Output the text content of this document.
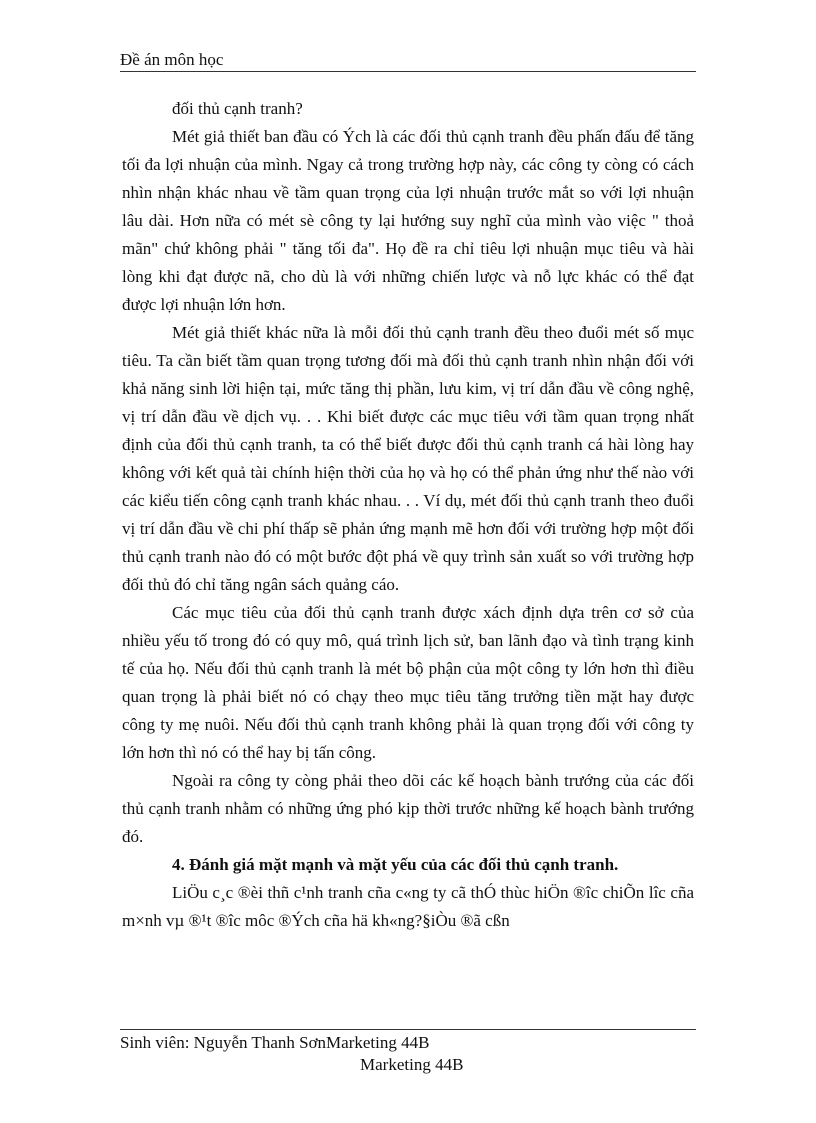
Đề án môn học

đối thủ cạnh tranh?

Mét giả thiết ban đầu có Ých là các đối thủ cạnh tranh đều phấn đấu để tăng tối đa lợi nhuận của mình. Ngay cả trong trường hợp này, các công ty còng có cách nhìn nhận khác nhau về tầm quan trọng của lợi nhuận trước mắt so với lợi nhuận lâu dài. Hơn nữa có mét sè công ty lại hướng suy nghĩ của mình vào việc " thoả mãn" chứ không phải " tăng tối đa". Họ đề ra chỉ tiêu lợi nhuận mục tiêu và hài lòng khi đạt được nã, cho dù là với những chiến lược và nỗ lực khác có thể đạt được lợi nhuận lớn hơn.

Mét giả thiết khác nữa là mỗi đối thủ cạnh tranh đều theo đuổi mét số mục tiêu. Ta cần biết tầm quan trọng tương đối mà đối thủ cạnh tranh nhìn nhận đối với khả năng sinh lời hiện tại, mức tăng thị phần, lưu kim, vị trí dẫn đầu về công nghệ, vị trí dẫn đầu về dịch vụ. . . Khi biết được các mục tiêu với tầm quan trọng nhất định của đối thủ cạnh tranh, ta có thể biết được đối thủ cạnh tranh cá hài lòng hay không với kết quả tài chính hiện thời của họ và họ có thể phản ứng như thế nào với các kiểu tiến công cạnh tranh khác nhau. . . Ví dụ, mét đối thủ cạnh tranh theo đuổi vị trí dẫn đầu về chi phí thấp sẽ phản ứng mạnh mẽ hơn đối với trường hợp một đối thủ cạnh tranh nào đó có một bước đột phá về quy trình sản xuất so với trường hợp đối thủ đó chỉ tăng ngân sách quảng cáo.

Các mục tiêu của đối thủ cạnh tranh được xách định dựa trên cơ sở của nhiều yếu tố trong đó có quy mô, quá trình lịch sử, ban lãnh đạo và tình trạng kinh tế của họ. Nếu đối thủ cạnh tranh là mét bộ phận của một công ty lớn hơn thì điều quan trọng là phải biết nó có chạy theo mục tiêu tăng trưởng tiền mặt hay được công ty mẹ nuôi. Nếu đối thủ cạnh tranh không phải là quan trọng đối với công ty lớn hơn thì nó có thể hay bị tấn công.

Ngoài ra công ty còng phải theo dõi các kế hoạch bành trướng của các đối thủ cạnh tranh nhằm có những ứng phó kịp thời trước những kế hoạch bành trướng đó.

4. Đánh giá mặt mạnh và mặt yếu của các đối thủ cạnh tranh.

LiÖu c¸c ®èi thñ c¹nh tranh cña c«ng ty cã thÓ thùc hiÖn ®îc chiÕn lîc cña m×nh vµ ®¹t ®îc môc ®Ých cña hä kh«ng?§iÒu ®ã cßn

Sinh viên: Nguyễn Thanh SơnMarketing 44B
Marketing 44B
